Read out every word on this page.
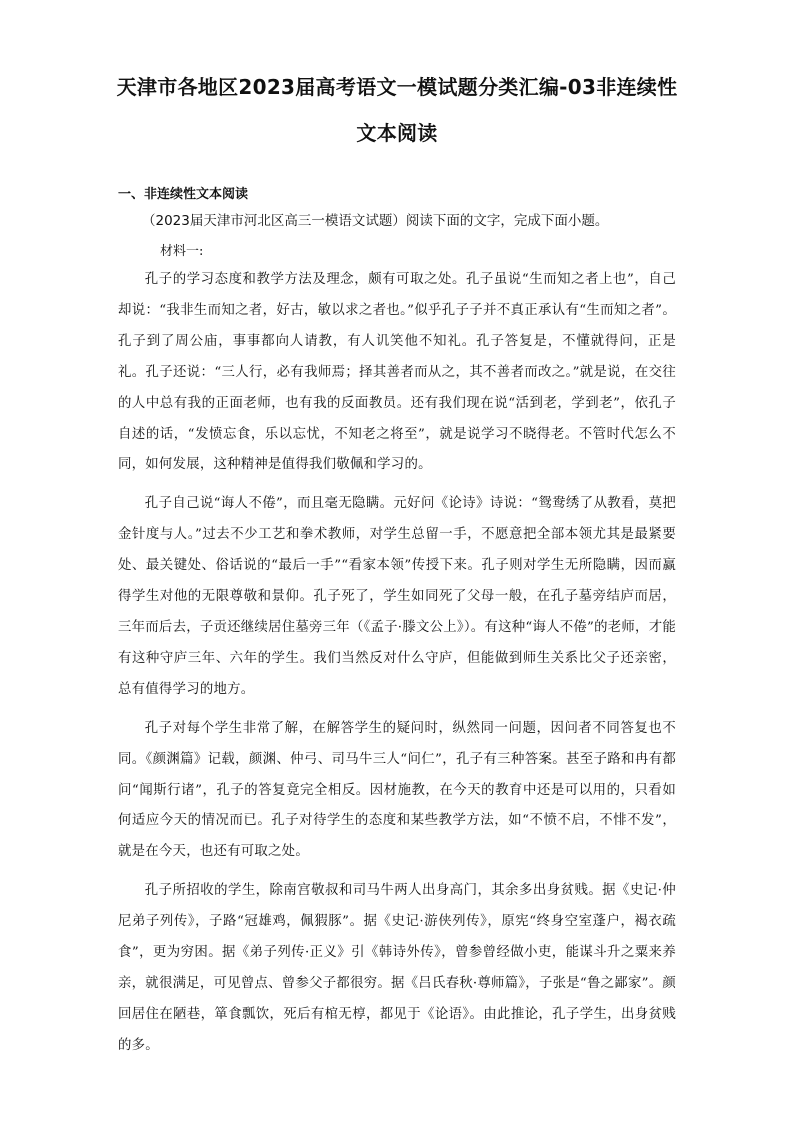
天津市各地区2023届高考语文一模试题分类汇编-03非连续性文本阅读

一、非连续性文本阅读

（2023届天津市河北区高三一模语文试题）阅读下面的文字，完成下面小题。

材料一:

孔子的学习态度和教学方法及理念，颇有可取之处。孔子虽说“生而知之者上也”，自己却说：“我非生而知之者，好古，敏以求之者也。”似乎孔子子并不真正承认有“生而知之者”。孔子到了周公庙，事事都向人请教，有人讥笑他不知礼。孔子答复是，不懂就得问，正是礼。孔子还说：“三人行，必有我师焉；择其善者而从之，其不善者而改之。”就是说，在交往的人中总有我的正面老师，也有我的反面教员。还有我们现在说“活到老，学到老”，依孔子自述的话，“发愤忘食，乐以忘忧，不知老之将至”，就是说学习不晓得老。不管时代怎么不同，如何发展，这种精神是值得我们敬佩和学习的。

孔子自己说“诲人不倦”，而且毫无隐瞒。元好问《论诗》诗说：“鸳鸯绣了从教看，莫把金针度与人。”过去不少工艺和拳术教师，对学生总留一手，不愿意把全部本领尤其是最紧要处、最关键处、俗话说的“最后一手”“看家本领”传授下来。孔子则对学生无所隐瞒，因而赢得学生对他的无限尊敬和景仰。孔子死了，学生如同死了父母一般，在孔子墓旁结庐而居，三年而后去，子贡还继续居住墓旁三年（《孟子·滕文公上》）。有这种“诲人不倦”的老师，才能有这种守庐三年、六年的学生。我们当然反对什么守庐，但能做到师生关系比父子还亲密，总有值得学习的地方。

孔子对每个学生非常了解，在解答学生的疑问时，纵然同一问题，因问者不同答复也不同。《颜渊篇》记载，颜渊、仲弓、司马牛三人“问仁”，孔子有三种答案。甚至子路和冉有都问“闻斯行诸”，孔子的答复竟完全相反。因材施教，在今天的教育中还是可以用的，只看如何适应今天的情况而已。孔子对待学生的态度和某些教学方法，如“不愤不启，不悱不发”，就是在今天，也还有可取之处。

孔子所招收的学生，除南宫敬叔和司马牛两人出身高门，其余多出身贫贱。据《史记·仲尼弟子列传》，子路“冠雄鸡，佩猳豚”。据《史记·游侠列传》，原宪“终身空室蓬户，褐衣疏食”，更为穷困。据《弟子列传·正义》引《韩诗外传》，曾参曾经做小吏，能谋斗升之粟来养亲，就很满足，可见曾点、曾参父子都很穷。据《吕氏春秋·尊师篇》，子张是“鲁之鄙家”。颜回居住在陋巷，箪食瓢饮，死后有棺无椁，都见于《论语》。由此推论，孔子学生，出身贫贱的多。
